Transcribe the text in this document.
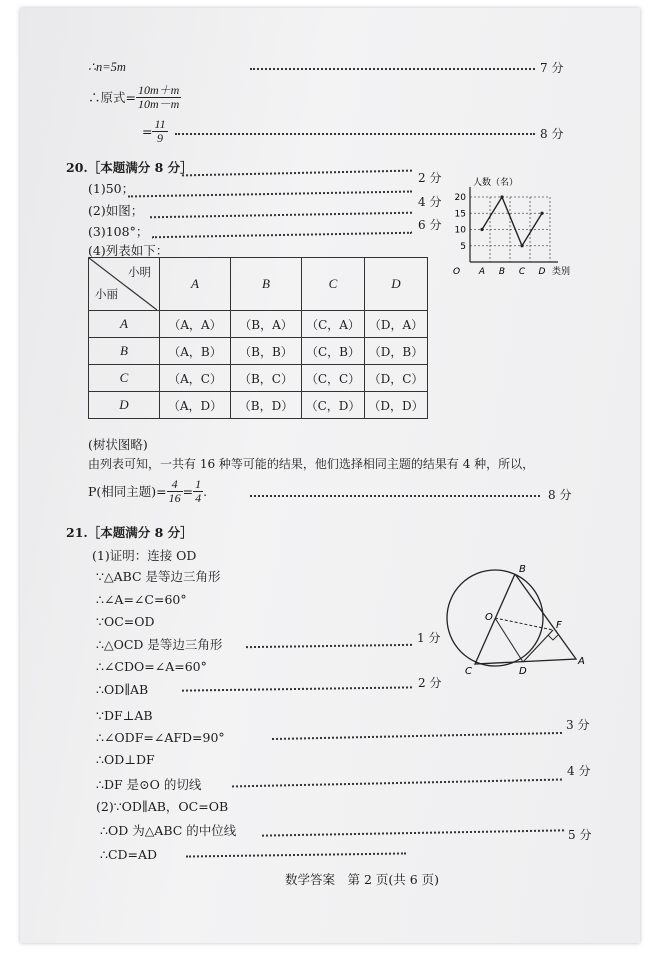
∴n=5m	7 分
∴原式= $\frac{10m+m}{10m-m}$
= $\frac{11}{9}$	8 分
20.［本题满分 8 分］
2 分
(1)50；
4 分
(2)如图；
6 分
(3)108°；
(4)列表如下：
小明
小丽	A	B	C	D
A	（A，A）	（B，A）	（C，A）	（D，A）
B	（A，B）	（B，B）	（C，B）	（D，B）
C	（A，C）	（B，C）	（C，C）	（D，C）
D	（A，D）	（B，D）	（C，D）	（D，D）
人数（名）
类别
O
5
10
15
20
A B C D
(树状图略)
由列表可知，一共有 16 种等可能的结果，他们选择相同主题的结果有 4 种，所以，
P(相同主题)= $\frac{4}{16} = \frac{1}{4}$ .	8 分
21.［本题满分 8 分］
(1)证明：连接 OD
∵△ABC 是等边三角形
∴∠A=∠C=60°
∵OC=OD
∴△OCD 是等边三角形	1 分
∴∠CDO=∠A=60°
∴OD∥AB	2 分
∵DF⊥AB
∴∠ODF=∠AFD=90°
3 分
∴OD⊥DF
∴DF 是⊙O 的切线
4 分
(2)∵OD∥AB，OC=OB
∴OD 为△ABC 的中位线	5 分
∴CD=AD
B
O
F
C	D
A
数学答案　第 2 页(共 6 页)
